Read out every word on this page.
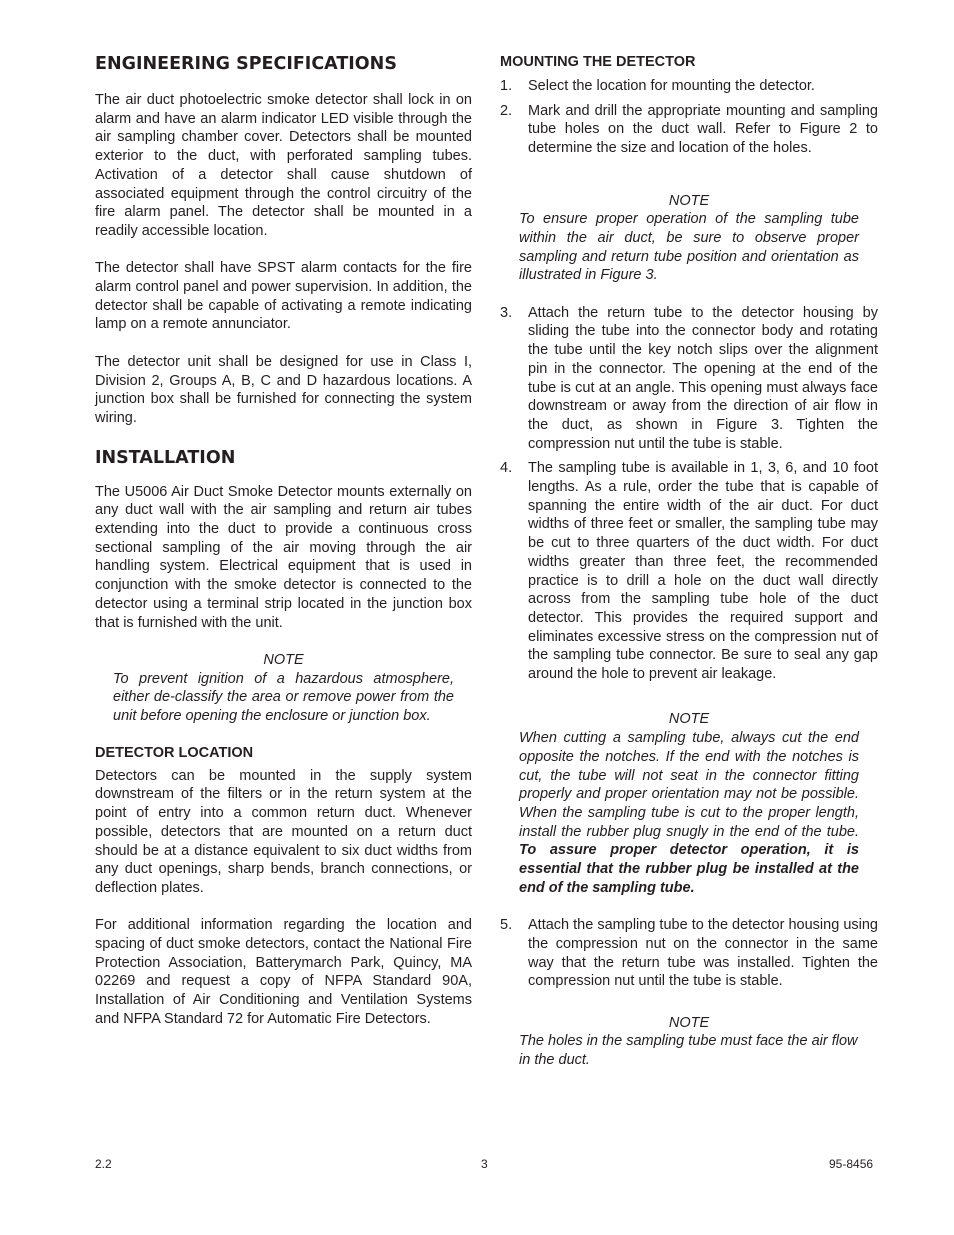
ENGINEERING SPECIFICATIONS

The air duct photoelectric smoke detector shall lock in on alarm and have an alarm indicator LED visible through the air sampling chamber cover. Detectors shall be mounted exterior to the duct, with perforated sampling tubes. Activation of a detector shall cause shutdown of associated equipment through the control circuitry of the fire alarm panel. The detector shall be mounted in a readily accessible location.

The detector shall have SPST alarm contacts for the fire alarm control panel and power supervision. In addition, the detector shall be capable of activating a remote indicating lamp on a remote annunciator.

The detector unit shall be designed for use in Class I, Division 2, Groups A, B, C and D hazardous locations. A junction box shall be furnished for connecting the system wiring.

INSTALLATION

The U5006 Air Duct Smoke Detector mounts externally on any duct wall with the air sampling and return air tubes extending into the duct to provide a continuous cross sectional sampling of the air moving through the air handling system. Electrical equipment that is used in conjunction with the smoke detector is connected to the detector using a terminal strip located in the junction box that is furnished with the unit.

NOTE
To prevent ignition of a hazardous atmosphere, either de-classify the area or remove power from the unit before opening the enclosure or junction box.
DETECTOR LOCATION

Detectors can be mounted in the supply system downstream of the filters or in the return system at the point of entry into a common return duct. Whenever possible, detectors that are mounted on a return duct should be at a distance equivalent to six duct widths from any duct openings, sharp bends, branch connections, or deflection plates.

For additional information regarding the location and spacing of duct smoke detectors, contact the National Fire Protection Association, Batterymarch Park, Quincy, MA 02269 and request a copy of NFPA Standard 90A, Installation of Air Conditioning and Ventilation Systems and NFPA Standard 72 for Automatic Fire Detectors.

MOUNTING THE DETECTOR
1. Select the location for mounting the detector.
2. Mark and drill the appropriate mounting and sampling tube holes on the duct wall. Refer to Figure 2 to determine the size and location of the holes.
NOTE
To ensure proper operation of the sampling tube within the air duct, be sure to observe proper sampling and return tube position and orientation as illustrated in Figure 3.
3. Attach the return tube to the detector housing by sliding the tube into the connector body and rotating the tube until the key notch slips over the alignment pin in the connector. The opening at the end of the tube is cut at an angle. This opening must always face downstream or away from the direction of air flow in the duct, as shown in Figure 3. Tighten the compression nut until the tube is stable.
4. The sampling tube is available in 1, 3, 6, and 10 foot lengths. As a rule, order the tube that is capable of spanning the entire width of the air duct. For duct widths of three feet or smaller, the sampling tube may be cut to three quarters of the duct width. For duct widths greater than three feet, the recommended practice is to drill a hole on the duct wall directly across from the sampling tube hole of the duct detector. This provides the required support and eliminates excessive stress on the compression nut of the sampling tube connector. Be sure to seal any gap around the hole to prevent air leakage.
NOTE
When cutting a sampling tube, always cut the end opposite the notches. If the end with the notches is cut, the tube will not seat in the connector fitting properly and proper orientation may not be possible. When the sampling tube is cut to the proper length, install the rubber plug snugly in the end of the tube. To assure proper detector operation, it is essential that the rubber plug be installed at the end of the sampling tube.
5. Attach the sampling tube to the detector housing using the compression nut on the connector in the same way that the return tube was installed. Tighten the compression nut until the tube is stable.
NOTE
The holes in the sampling tube must face the air flow in the duct.
2.2	3	95-8456
